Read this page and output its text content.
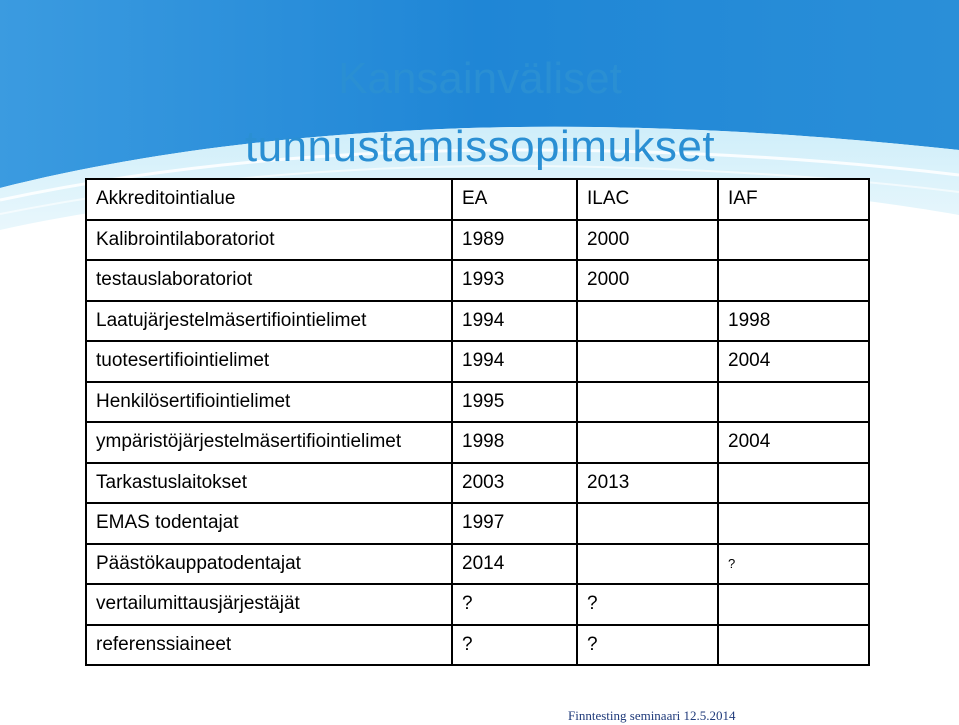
Kansainväliset
tunnustamissopimukset
Akkreditointialue	EA	ILAC	IAF
Kalibrointilaboratoriot	1989	2000	
testauslaboratoriot	1993	2000	
Laatujärjestelmäsertifiointielimet	1994		1998
tuotesertifiointielimet	1994		2004
Henkilösertifiointielimet	1995		
ympäristöjärjestelmäsertifiointielimet	1998		2004
Tarkastuslaitokset	2003	2013	
EMAS todentajat	1997		
Päästökauppatodentajat	2014		?
vertailumittausjärjestäjät	?	?	
referenssiaineet	?	?	
Finntesting seminaari 12.5.2014
